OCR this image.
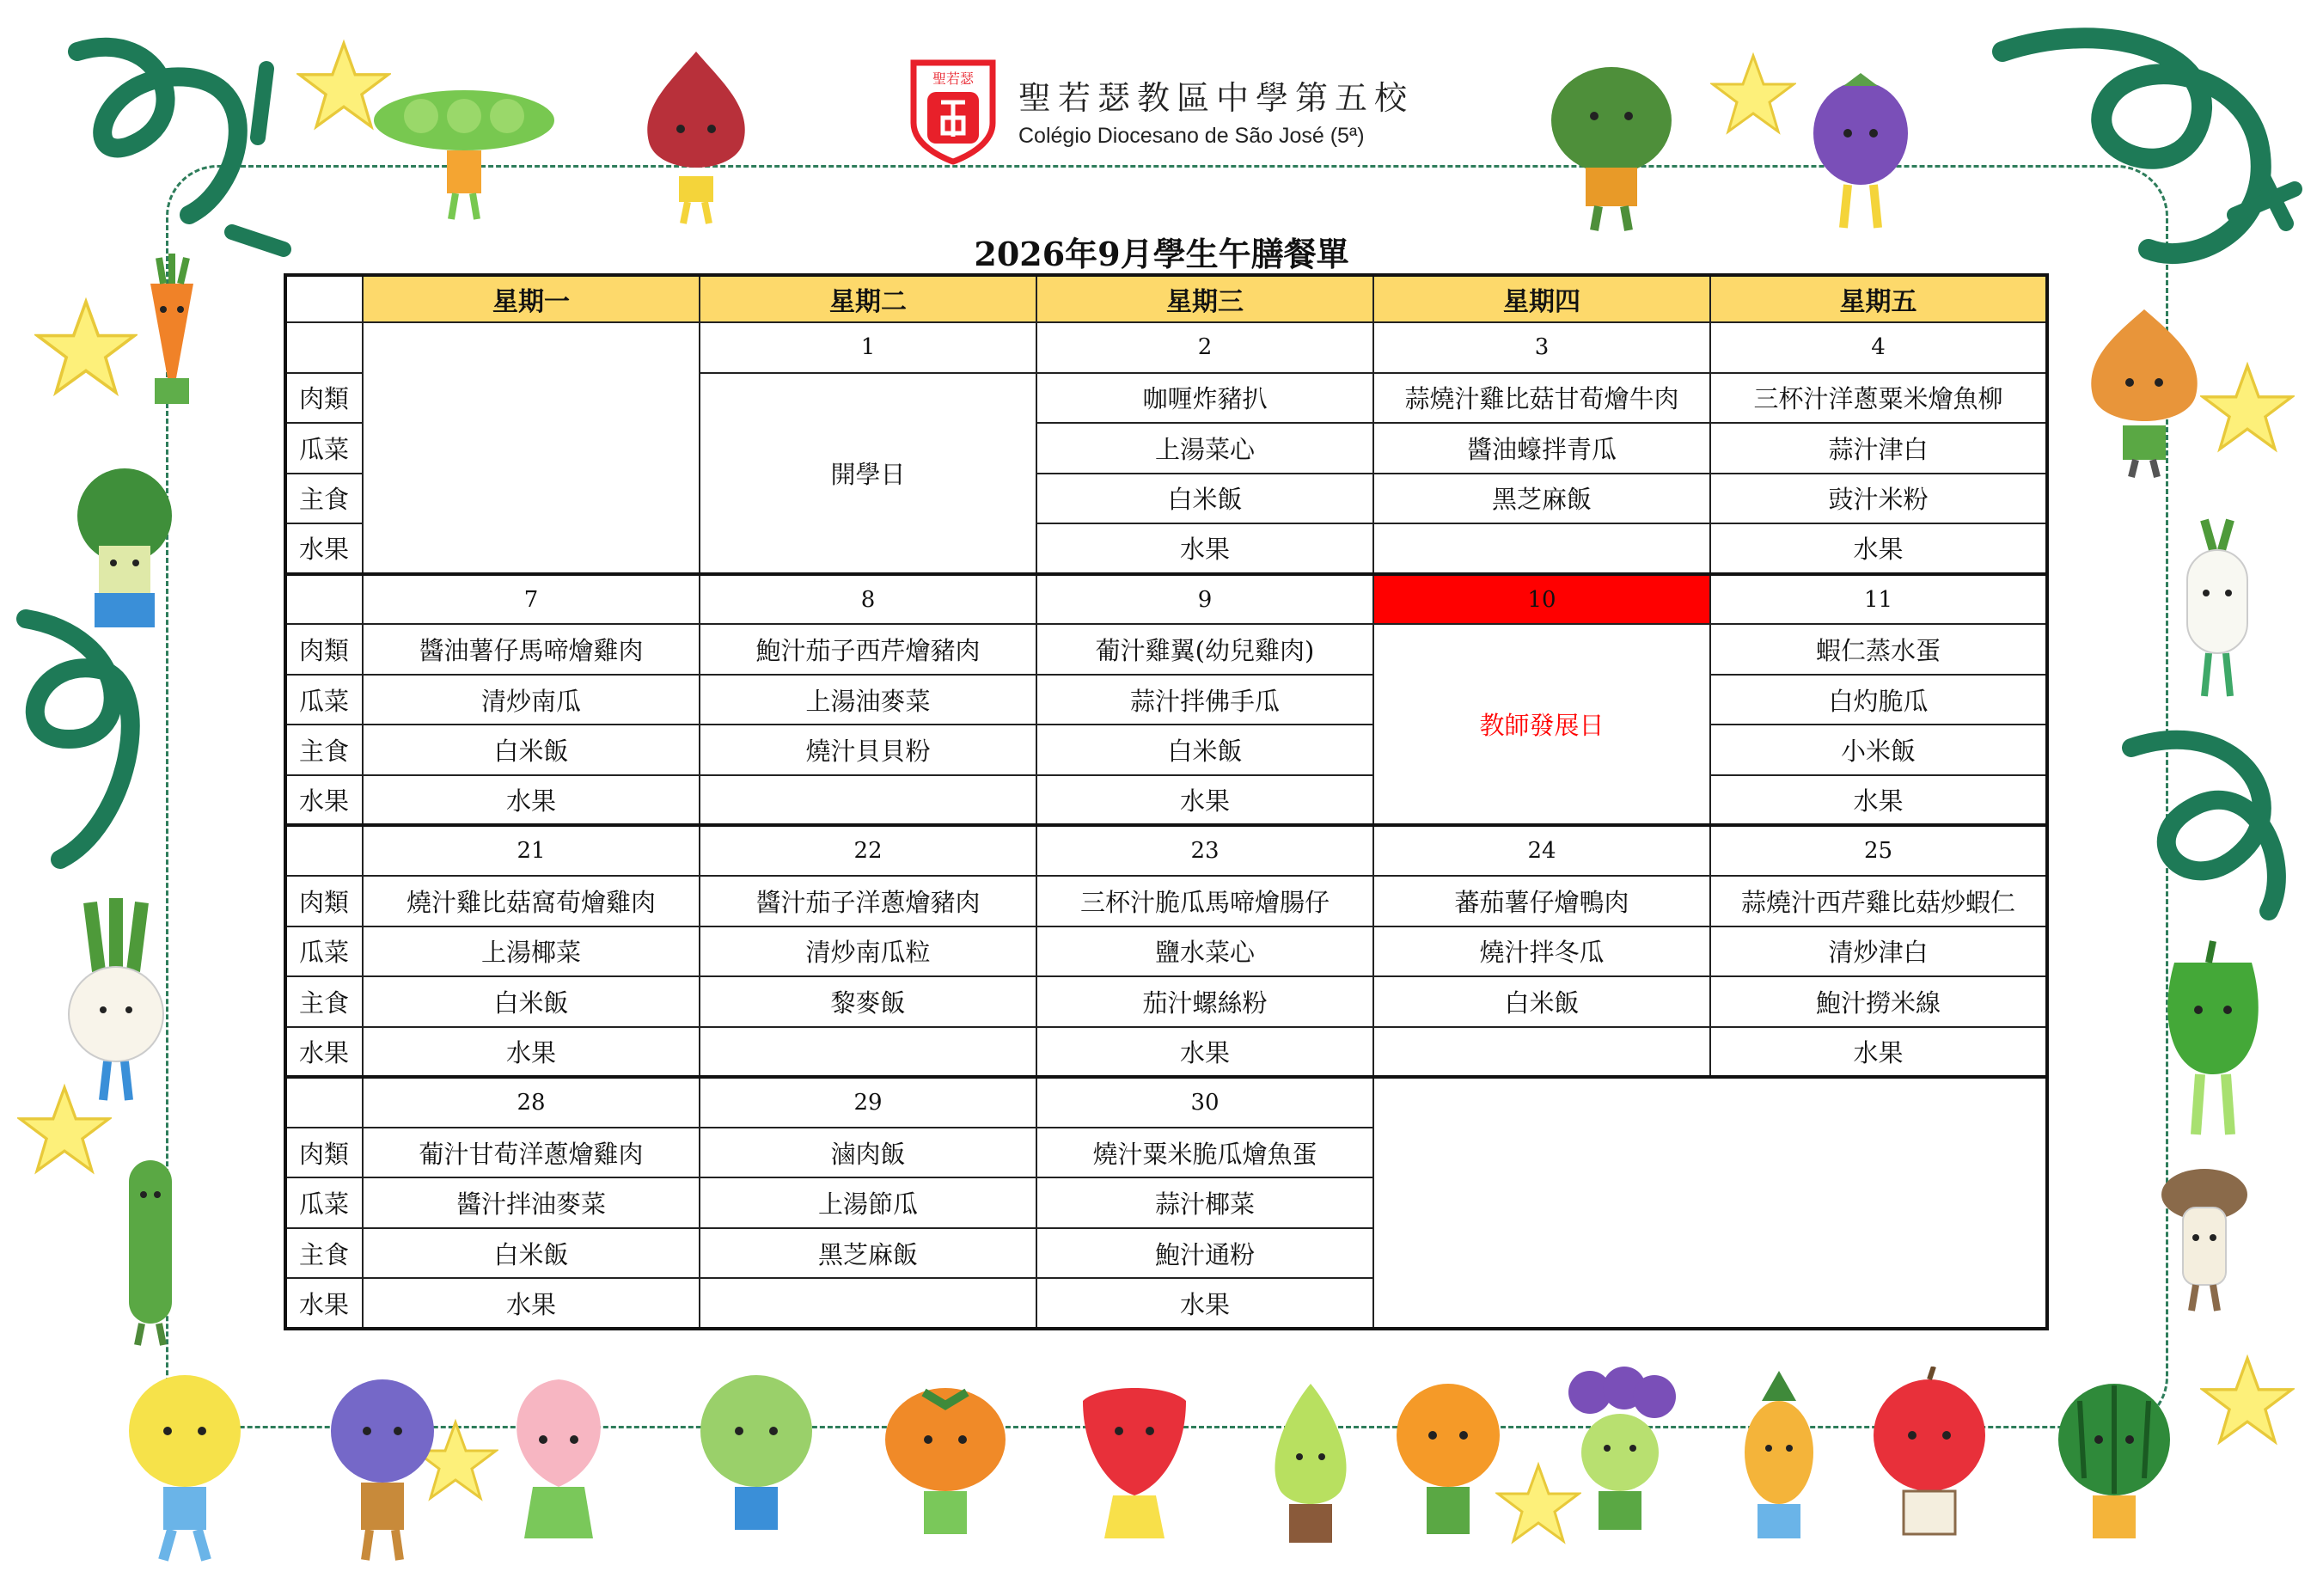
聖若瑟
聖若瑟教區中學第五校
Colégio Diocesano de São José (5ª)
2026年9月學生午膳餐單
	星期一	星期二	星期三	星期四	星期五
		1	2	3	4
肉類		開學日	咖喱炸豬扒	蒜燒汁雞比菇甘荀燴牛肉	三杯汁洋蔥粟米燴魚柳
瓜菜			上湯菜心	醬油蠔拌青瓜	蒜汁津白
主食			白米飯	黑芝麻飯	豉汁米粉
水果			水果		水果
	7	8	9	10	11
肉類	醬油薯仔馬啼燴雞肉	鮑汁茄子西芹燴豬肉	葡汁雞翼(幼兒雞肉)	教師發展日	蝦仁蒸水蛋
瓜菜	清炒南瓜	上湯油麥菜	蒜汁拌佛手瓜		白灼脆瓜
主食	白米飯	燒汁貝貝粉	白米飯		小米飯
水果	水果		水果		水果
	21	22	23	24	25
肉類	燒汁雞比菇窩荀燴雞肉	醬汁茄子洋蔥燴豬肉	三杯汁脆瓜馬啼燴腸仔	蕃茄薯仔燴鴨肉	蒜燒汁西芹雞比菇炒蝦仁
瓜菜	上湯椰菜	清炒南瓜粒	鹽水菜心	燒汁拌冬瓜	清炒津白
主食	白米飯	黎麥飯	茄汁螺絲粉	白米飯	鮑汁撈米線
水果	水果		水果		水果
	28	29	30		
肉類	葡汁甘荀洋蔥燴雞肉	滷肉飯	燒汁粟米脆瓜燴魚蛋		
瓜菜	醬汁拌油麥菜	上湯節瓜	蒜汁椰菜		
主食	白米飯	黑芝麻飯	鮑汁通粉		
水果	水果		水果		
